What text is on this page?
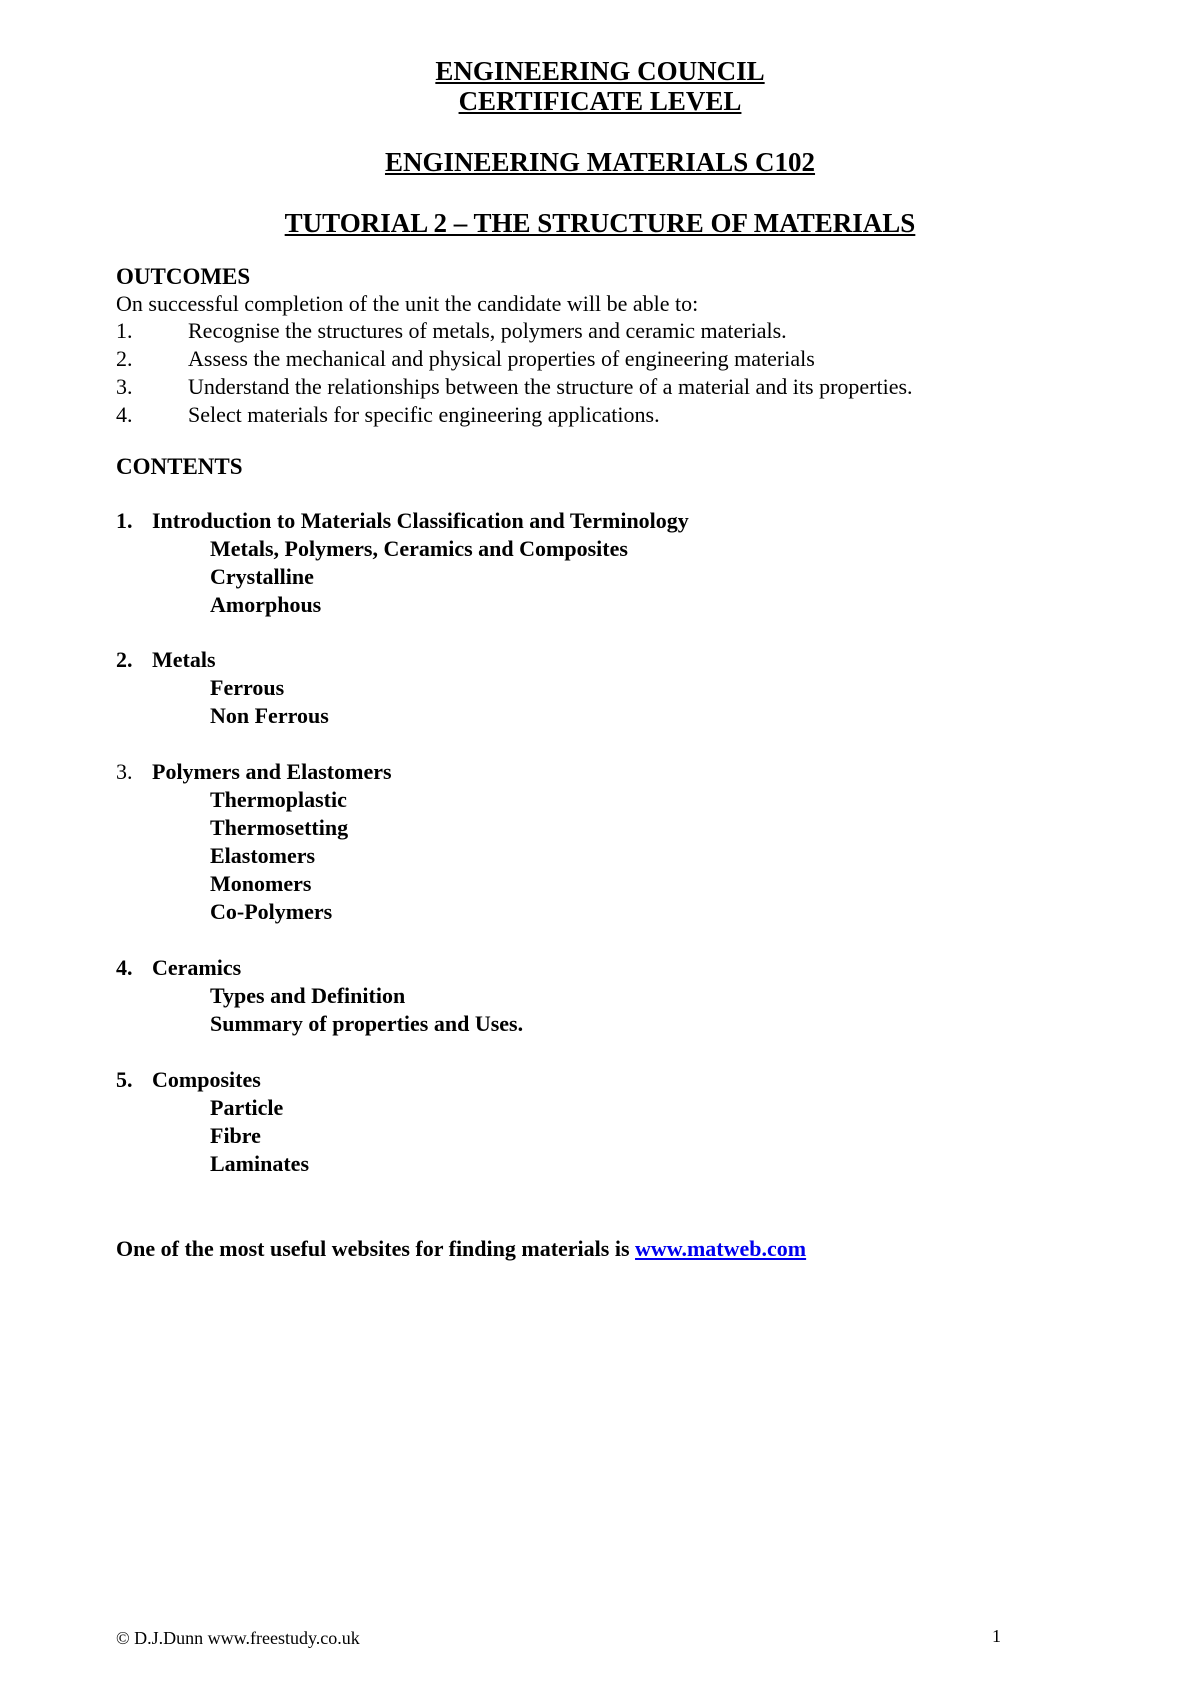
ENGINEERING COUNCIL
CERTIFICATE LEVEL
ENGINEERING MATERIALS C102
TUTORIAL 2 – THE STRUCTURE OF MATERIALS
OUTCOMES
On successful completion of the unit the candidate will be able to:
1.	Recognise the structures of metals, polymers and ceramic materials.
2.	Assess the mechanical and physical properties of engineering materials
3.	Understand the relationships between the structure of a material and its properties.
4.	Select materials for specific engineering applications.
CONTENTS
1. Introduction to Materials Classification and Terminology
Metals, Polymers, Ceramics and Composites
Crystalline
Amorphous
2. Metals
Ferrous
Non Ferrous
3. Polymers and Elastomers
Thermoplastic
Thermosetting
Elastomers
Monomers
Co-Polymers
4. Ceramics
Types and Definition
Summary of properties and Uses.
5. Composites
Particle
Fibre
Laminates
One of the most useful websites for finding materials is www.matweb.com
© D.J.Dunn www.freestudy.co.uk	1
